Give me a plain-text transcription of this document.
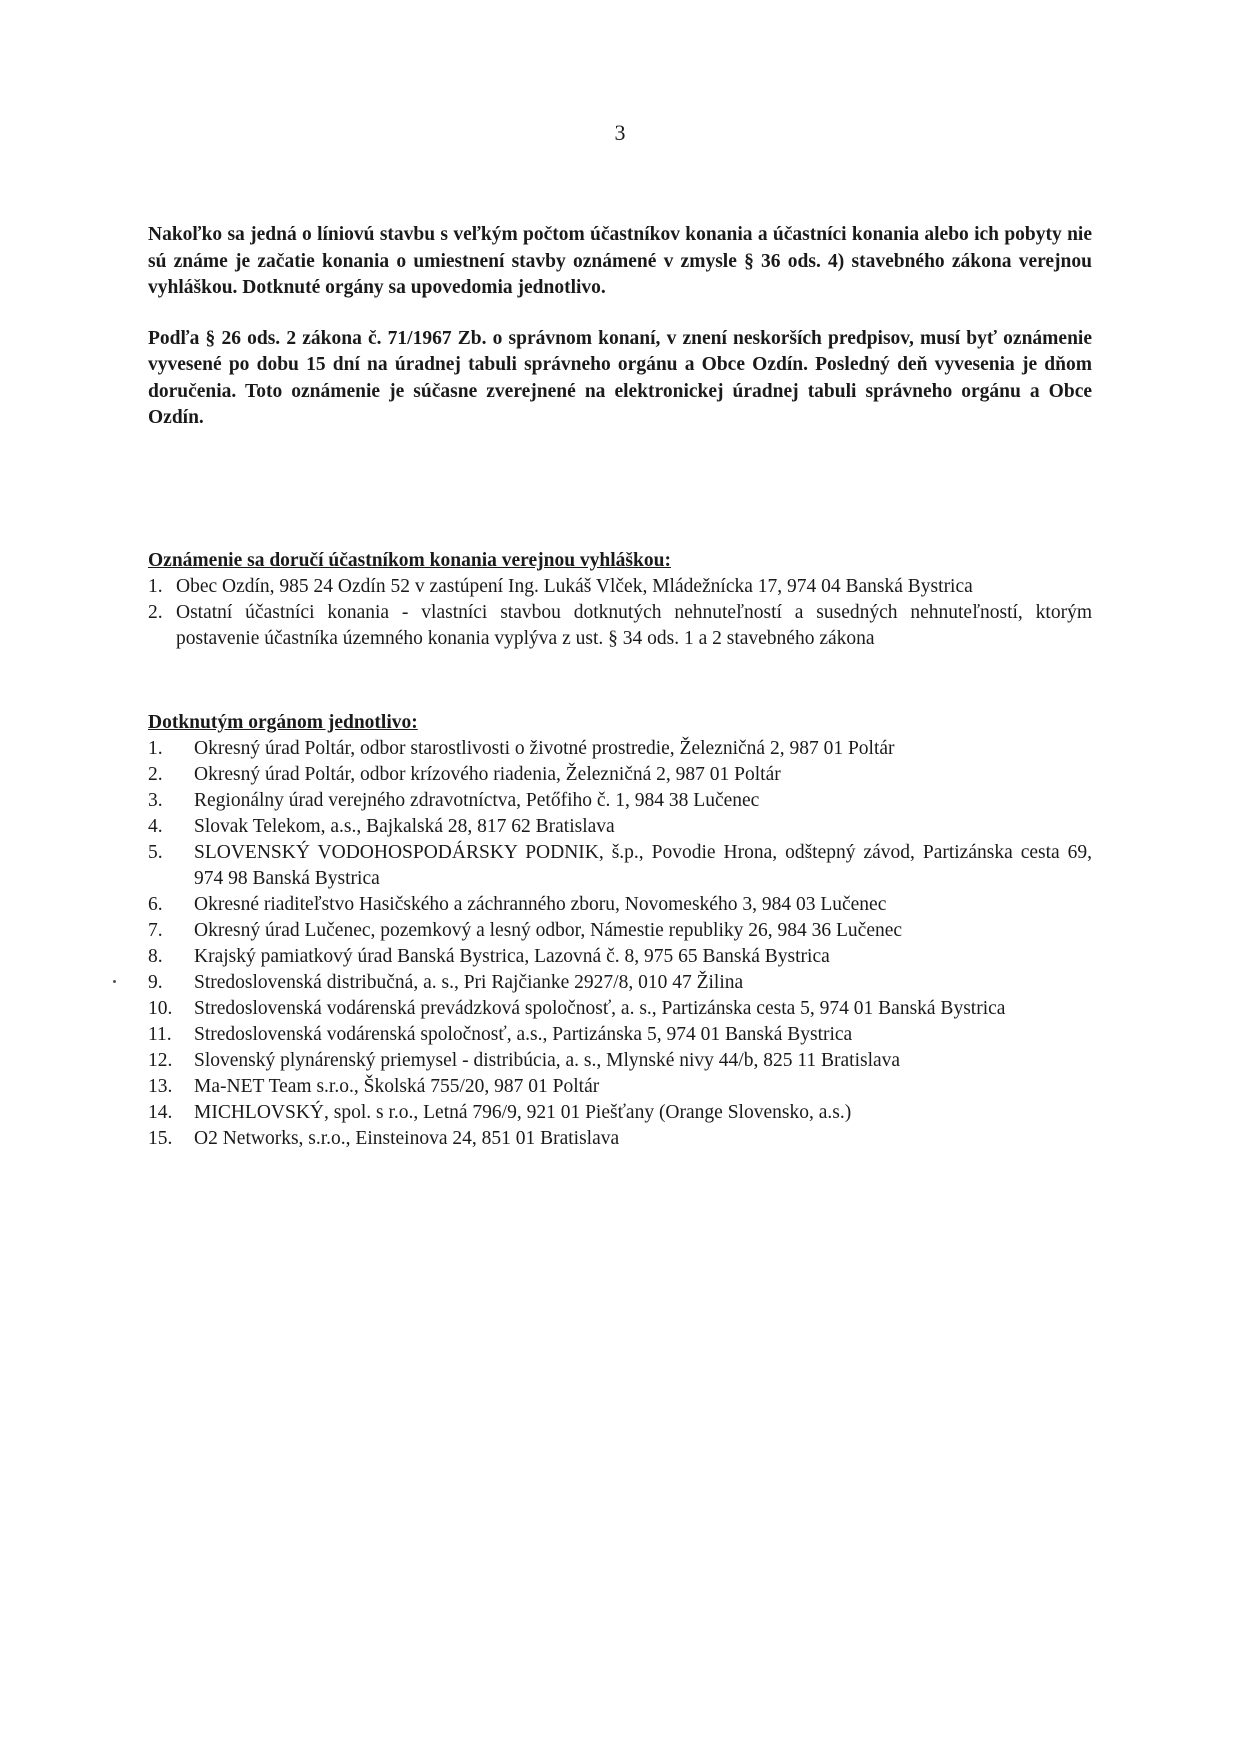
3

Nakoľko sa jedná o líniovú stavbu s veľkým počtom účastníkov konania a účastníci konania alebo ich pobyty nie sú známe je začatie konania o umiestnení stavby oznámené v zmysle § 36 ods. 4) stavebného zákona verejnou vyhláškou. Dotknuté orgány sa upovedomia jednotlivo.

Podľa § 26 ods. 2 zákona č. 71/1967 Zb. o správnom konaní, v znení neskorších predpisov, musí byť oznámenie vyvesené po dobu 15 dní na úradnej tabuli správneho orgánu a Obce Ozdín. Posledný deň vyvesenia je dňom doručenia. Toto oznámenie je súčasne zverejnené na elektronickej úradnej tabuli správneho orgánu a Obce Ozdín.

Oznámenie sa doručí účastníkom konania verejnou vyhláškou:

1. Obec Ozdín, 985 24 Ozdín 52 v zastúpení Ing. Lukáš Vlček, Mládežnícka 17, 974 04 Banská Bystrica
2. Ostatní účastníci konania - vlastníci stavbou dotknutých nehnuteľností a susedných nehnuteľností, ktorým postavenie účastníka územného konania vyplýva z ust. § 34 ods. 1 a 2 stavebného zákona

Dotknutým orgánom jednotlivo:

1.	Okresný úrad Poltár, odbor starostlivosti o životné prostredie, Železničná 2, 987 01 Poltár
2.	Okresný úrad Poltár, odbor krízového riadenia, Železničná 2, 987 01 Poltár
3.	Regionálny úrad verejného zdravotníctva, Petőfiho č. 1, 984 38 Lučenec
4.	Slovak Telekom, a.s., Bajkalská 28, 817 62 Bratislava
5.	SLOVENSKÝ VODOHOSPODÁRSKY PODNIK, š.p., Povodie Hrona, odštepný závod, Partizánska cesta 69, 974 98 Banská Bystrica
6.	Okresné riaditeľstvo Hasičského a záchranného zboru, Novomeského 3, 984 03 Lučenec
7.	Okresný úrad Lučenec, pozemkový a lesný odbor, Námestie republiky 26, 984 36 Lučenec
8.	Krajský pamiatkový úrad Banská Bystrica, Lazovná č. 8, 975 65 Banská Bystrica
9.	Stredoslovenská distribučná, a. s., Pri Rajčianke 2927/8, 010 47 Žilina
10.	Stredoslovenská vodárenská prevádzková spoločnosť, a. s., Partizánska cesta 5, 974 01 Banská Bystrica
11.	Stredoslovenská vodárenská spoločnosť, a.s., Partizánska 5, 974 01 Banská Bystrica
12.	Slovenský plynárenský priemysel - distribúcia, a. s., Mlynské nivy 44/b, 825 11 Bratislava
13.	Ma-NET Team s.r.o., Školská 755/20, 987 01 Poltár
14.	MICHLOVSKÝ, spol. s r.o., Letná 796/9, 921 01 Piešťany (Orange Slovensko, a.s.)
15.	O2 Networks, s.r.o., Einsteinova 24, 851 01 Bratislava
